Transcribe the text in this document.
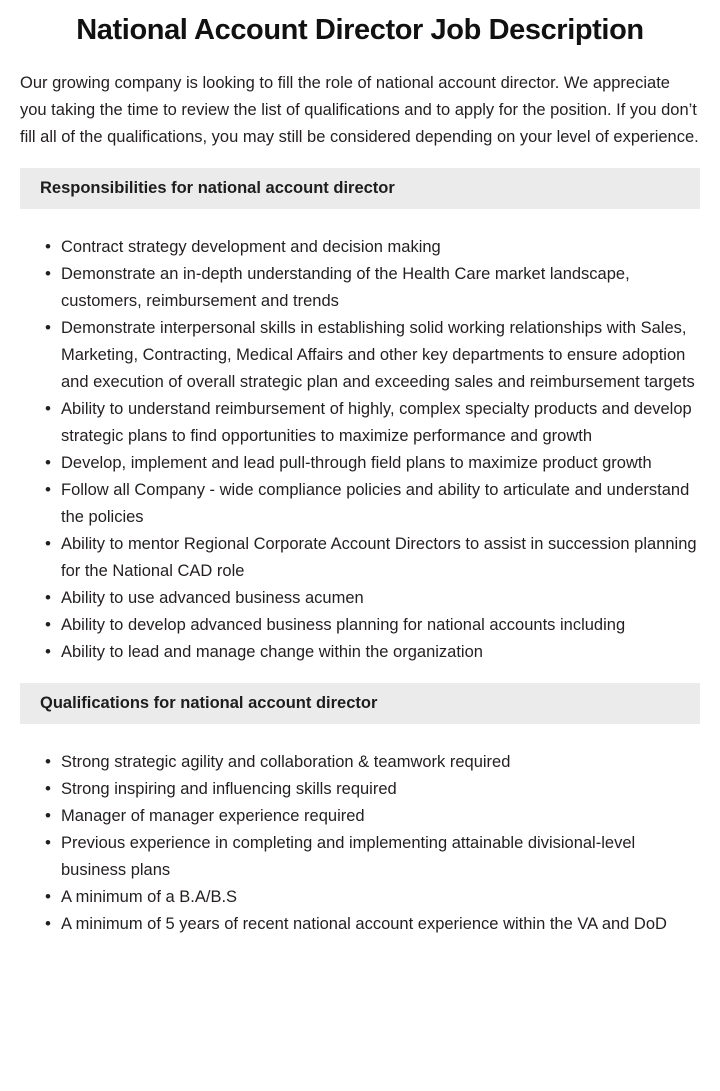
National Account Director Job Description

Our growing company is looking to fill the role of national account director. We appreciate you taking the time to review the list of qualifications and to apply for the position. If you don’t fill all of the qualifications, you may still be considered depending on your level of experience.

Responsibilities for national account director
• Contract strategy development and decision making
• Demonstrate an in-depth understanding of the Health Care market landscape, customers, reimbursement and trends
• Demonstrate interpersonal skills in establishing solid working relationships with Sales, Marketing, Contracting, Medical Affairs and other key departments to ensure adoption and execution of overall strategic plan and exceeding sales and reimbursement targets
• Ability to understand reimbursement of highly, complex specialty products and develop strategic plans to find opportunities to maximize performance and growth
• Develop, implement and lead pull-through field plans to maximize product growth
• Follow all Company - wide compliance policies and ability to articulate and understand the policies
• Ability to mentor Regional Corporate Account Directors to assist in succession planning for the National CAD role
• Ability to use advanced business acumen
• Ability to develop advanced business planning for national accounts including
• Ability to lead and manage change within the organization
Qualifications for national account director
• Strong strategic agility and collaboration & teamwork required
• Strong inspiring and influencing skills required
• Manager of manager experience required
• Previous experience in completing and implementing attainable divisional-level business plans
• A minimum of a B.A/B.S
• A minimum of 5 years of recent national account experience within the VA and DoD
